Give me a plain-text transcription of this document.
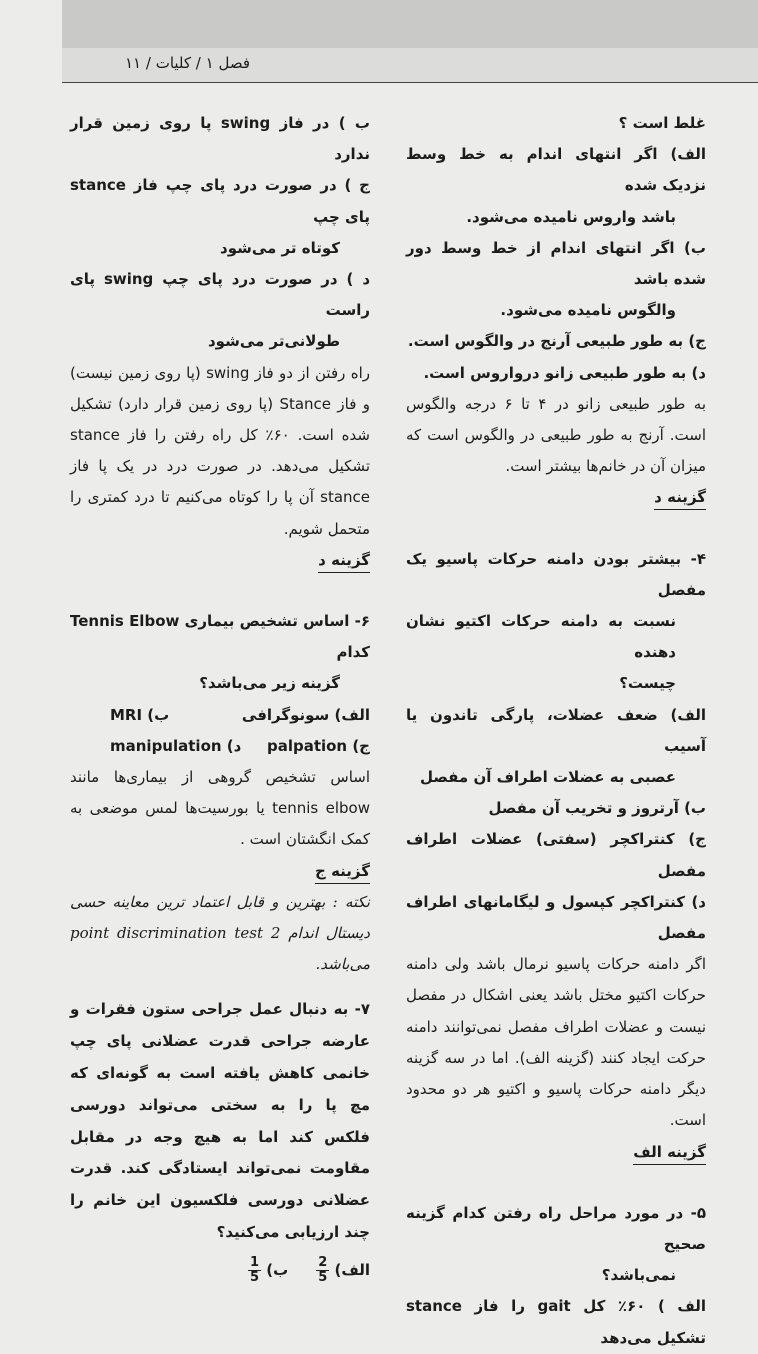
فصل ۱ / کلیات / ۱۱

غلط است ؟

الف) اگر انتهای اندام به خط وسط نزدیک شده

باشد واروس نامیده می‌شود.

ب) اگر انتهای اندام از خط وسط دور شده باشد

والگوس نامیده می‌شود.

ج) به طور طبیعی آرنج در والگوس است.

د) به طور طبیعی زانو درواروس است.

به طور طبیعی زانو در ۴ تا ۶ درجه والگوس است. آرنج به طور طبیعی در والگوس است که میزان آن در خانم‌ها بیشتر است.

گزینه د

۴- بیشتر بودن دامنه حرکات پاسیو یک مفصل

نسبت به دامنه حرکات اکتیو نشان دهنده

چیست؟

الف) ضعف عضلات، پارگی تاندون یا آسیب

عصبی به عضلات اطراف آن مفصل

ب) آرتروز و تخریب آن مفصل

ج) کنتراکچر (سفتی) عضلات اطراف مفصل

د) کنتراکچر کپسول و لیگامانهای اطراف مفصل

اگر دامنه حرکات پاسیو نرمال باشد ولی دامنه حرکات اکتیو مختل باشد یعنی اشکال در مفصل نیست و عضلات اطراف مفصل نمی‌توانند دامنه حرکت ایجاد کنند (گزینه الف). اما در سه گزینه دیگر دامنه حرکات پاسیو و اکتیو هر دو محدود است.

گزینه الف

۵- در مورد مراحل راه رفتن کدام گزینه صحیح

نمی‌باشد؟

الف ) ۶۰٪ کل gait را فاز stance تشکیل می‌دهد

ب ) در فاز swing پا روی زمین قرار ندارد

ج ) در صورت درد پای چپ فاز stance پای چپ

کوتاه تر می‌شود

د ) در صورت درد پای چپ swing پای راست

طولانی‌تر می‌شود

راه رفتن از دو فاز swing (پا روی زمین نیست) و فاز Stance (پا روی زمین قرار دارد) تشکیل شده است. ۶۰٪ کل راه رفتن را فاز stance تشکیل می‌دهد. در صورت درد در یک پا فاز stance آن پا را کوتاه می‌کنیم تا درد کمتری را متحمل شویم.

گزینه د

۶- اساس تشخیص بیماری Tennis Elbow کدام

گزینه زیر می‌باشد؟

الف) سونوگرافی
ب) MRI
ج) palpation
د) manipulation

اساس تشخیص گروهی از بیماری‌ها مانند tennis elbow یا بورسیت‌ها لمس موضعی به کمک انگشتان است .

گزینه ج

نکته : بهترین و قابل اعتماد ترین معاینه حسی دیستال اندام 2 point discrimination test می‌باشد.

۷- به دنبال عمل جراحی ستون فقرات و عارضه جراحی قدرت عضلانی پای چپ خانمی کاهش یافته است به گونه‌ای که مچ پا را به سختی می‌تواند دورسی فلکس کند اما به هیچ وجه در مقابل مقاومت نمی‌تواند ایستادگی کند. قدرت عضلانی دورسی فلکسیون این خانم را چند ارزیابی می‌کنید؟

الف)
$\frac{2}{5}$
ب)
$\frac{1}{5}$
